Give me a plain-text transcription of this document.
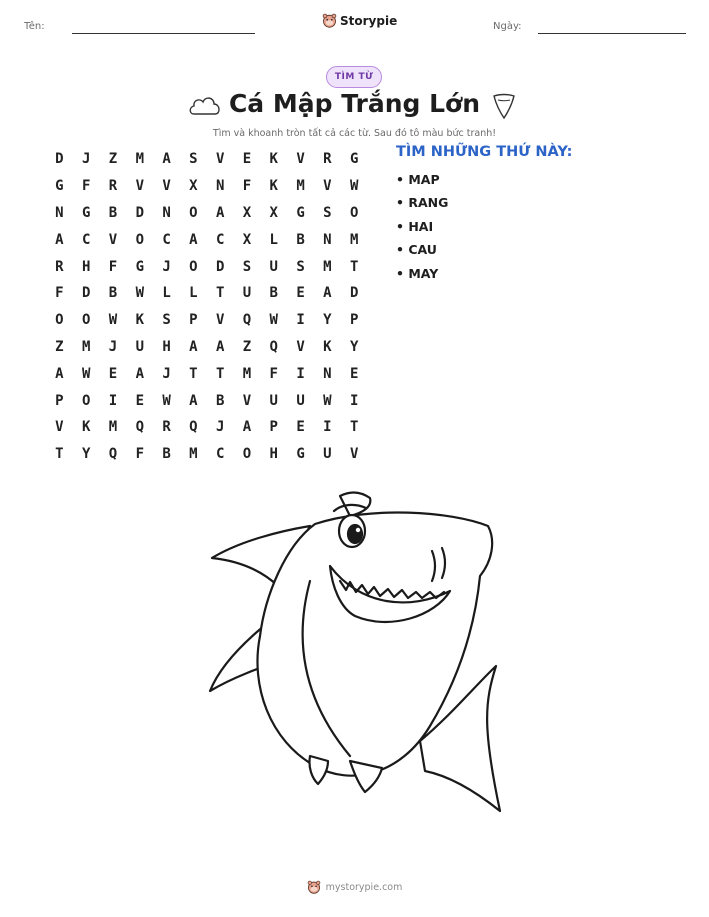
Tên:	Storypie	Ngày:
TÌM TỪ
Cá Mập Trắng Lớn
Tìm và khoanh tròn tất cả các từ. Sau đó tô màu bức tranh!
D	J	Z	M	A	S	V	E	K	V	R	G
G	F	R	V	V	X	N	F	K	M	V	W
N	G	B	D	N	O	A	X	X	G	S	O
A	C	V	O	C	A	C	X	L	B	N	M
R	H	F	G	J	O	D	S	U	S	M	T
F	D	B	W	L	L	T	U	B	E	A	D
O	O	W	K	S	P	V	Q	W	I	Y	P
Z	M	J	U	H	A	A	Z	Q	V	K	Y
A	W	E	A	J	T	T	M	F	I	N	E
P	O	I	E	W	A	B	V	U	U	W	I
V	K	M	Q	R	Q	J	A	P	E	I	T
T	Y	Q	F	B	M	C	O	H	G	U	V
TÌM NHỮNG THỨ NÀY:
• MAP
• RANG
• HAI
• CAU
• MAY
mystorypie.com
